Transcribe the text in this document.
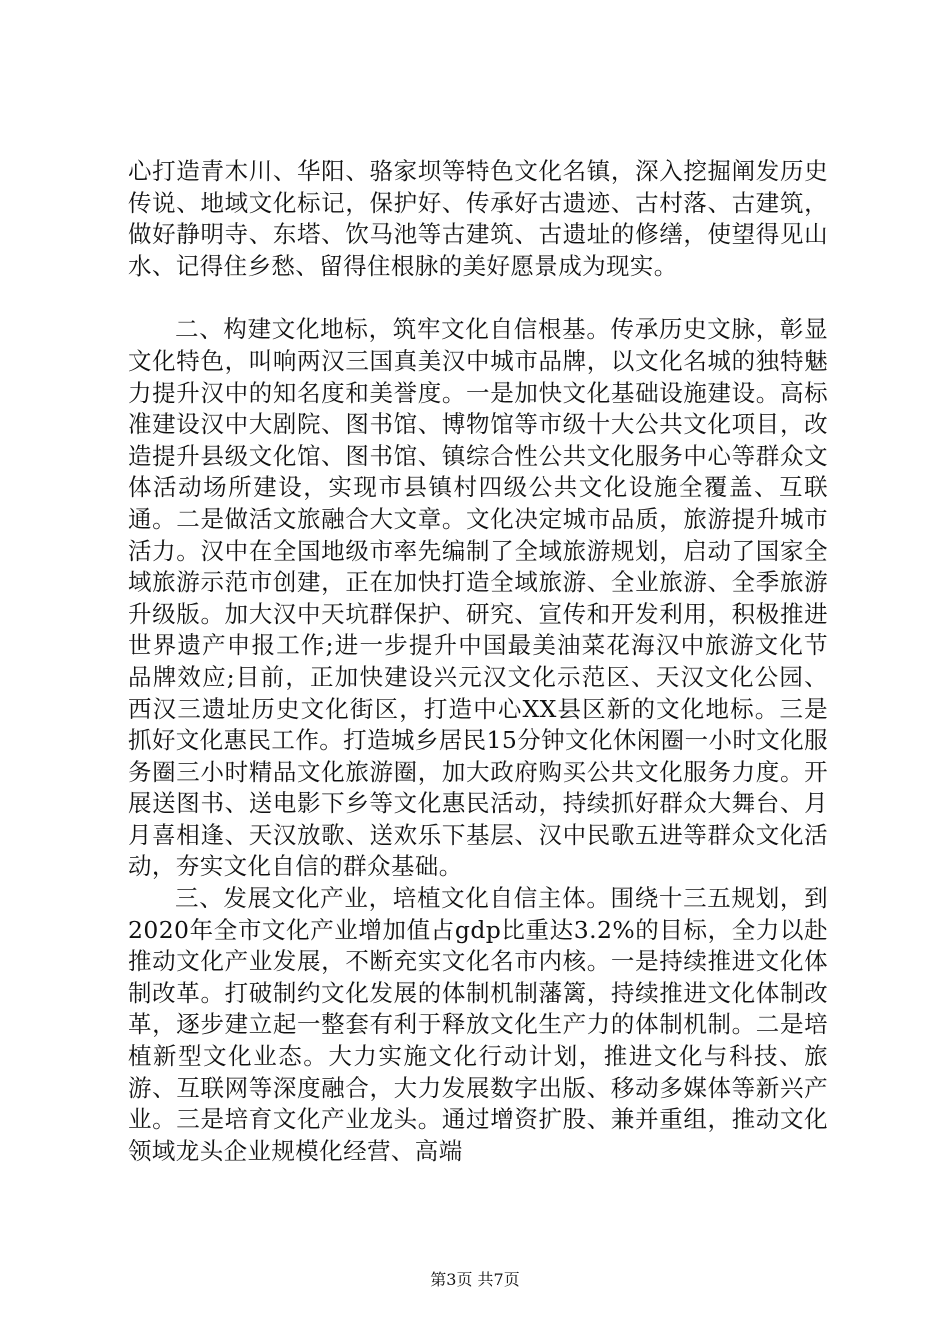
心打造青木川、华阳、骆家坝等特色文化名镇，深入挖掘阐发历史传说、地域文化标记，保护好、传承好古遗迹、古村落、古建筑，做好静明寺、东塔、饮马池等古建筑、古遗址的修缮，使望得见山水、记得住乡愁、留得住根脉的美好愿景成为现实。

二、构建文化地标，筑牢文化自信根基。传承历史文脉，彰显文化特色，叫响两汉三国真美汉中城市品牌，以文化名城的独特魅力提升汉中的知名度和美誉度。一是加快文化基础设施建设。高标准建设汉中大剧院、图书馆、博物馆等市级十大公共文化项目，改造提升县级文化馆、图书馆、镇综合性公共文化服务中心等群众文体活动场所建设，实现市县镇村四级公共文化设施全覆盖、互联通。二是做活文旅融合大文章。文化决定城市品质，旅游提升城市活力。汉中在全国地级市率先编制了全域旅游规划，启动了国家全域旅游示范市创建，正在加快打造全域旅游、全业旅游、全季旅游升级版。加大汉中天坑群保护、研究、宣传和开发利用，积极推进世界遗产申报工作;进一步提升中国最美油菜花海汉中旅游文化节品牌效应;目前，正加快建设兴元汉文化示范区、天汉文化公园、西汉三遗址历史文化街区，打造中心XX县区新的文化地标。三是抓好文化惠民工作。打造城乡居民15分钟文化休闲圈一小时文化服务圈三小时精品文化旅游圈，加大政府购买公共文化服务力度。开展送图书、送电影下乡等文化惠民活动，持续抓好群众大舞台、月月喜相逢、天汉放歌、送欢乐下基层、汉中民歌五进等群众文化活动，夯实文化自信的群众基础。

三、发展文化产业，培植文化自信主体。围绕十三五规划，到2020年全市文化产业增加值占gdp比重达3.2%的目标，全力以赴推动文化产业发展，不断充实文化名市内核。一是持续推进文化体制改革。打破制约文化发展的体制机制藩篱，持续推进文化体制改革，逐步建立起一整套有利于释放文化生产力的体制机制。二是培植新型文化业态。大力实施文化行动计划，推进文化与科技、旅游、互联网等深度融合，大力发展数字出版、移动多媒体等新兴产业。三是培育文化产业龙头。通过增资扩股、兼并重组，推动文化领域龙头企业规模化经营、高端

第3页 共7页
